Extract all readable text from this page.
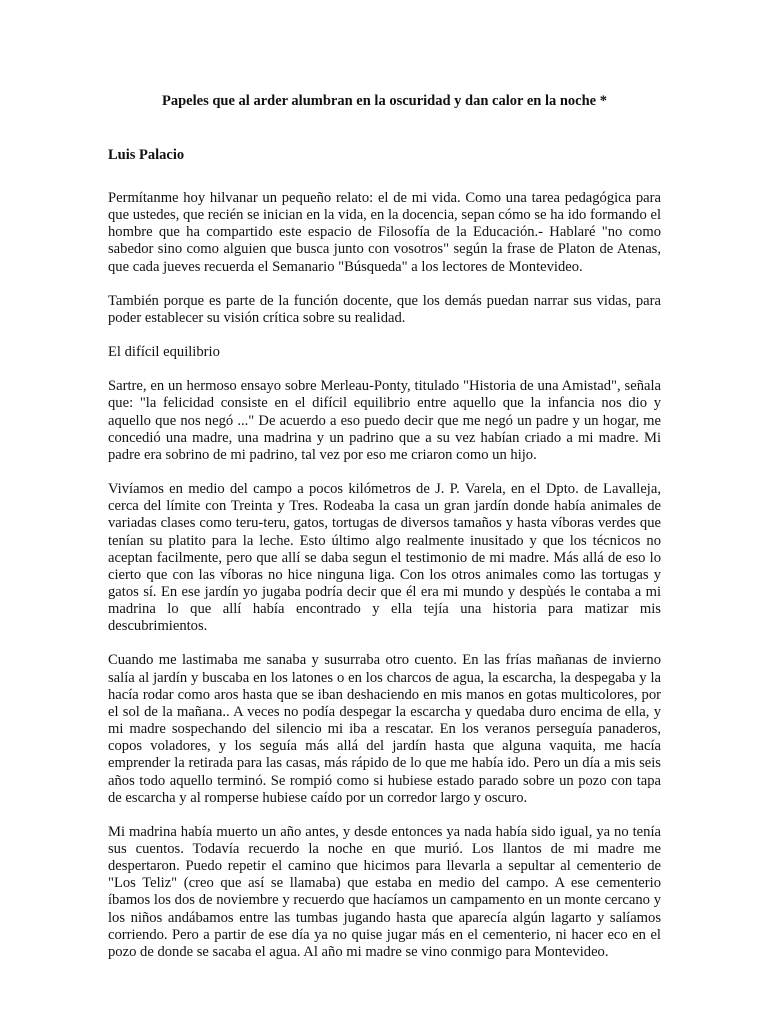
Papeles que al arder alumbran en la oscuridad y dan calor en la noche *

Luis Palacio

Permítanme hoy hilvanar un pequeño relato: el de mi vida. Como una tarea pedagógica para que ustedes, que recién se inician en la vida, en la docencia, sepan cómo se ha ido formando el hombre que ha compartido este espacio de Filosofía de la Educación.- Hablaré "no como sabedor sino como alguien que busca junto con vosotros" según la frase de Platon de Atenas, que cada jueves recuerda el Semanario "Búsqueda" a los lectores de Montevideo.

También porque es parte de la función docente, que los demás puedan narrar sus vidas, para poder establecer su visión crítica sobre su realidad.

El difícil equilibrio

Sartre, en un hermoso ensayo sobre Merleau-Ponty, titulado "Historia de una Amistad", señala que: "la felicidad consiste en el difícil equilibrio entre aquello que la infancia nos dio y aquello que nos negó ..." De acuerdo a eso puedo decir que me negó un padre y un hogar, me concedió una madre, una madrina y un padrino que a su vez habían criado a mi madre. Mi padre era sobrino de mi padrino, tal vez por eso me criaron como un hijo.

Vivíamos en medio del campo a pocos kilómetros de J. P. Varela, en el Dpto. de Lavalleja, cerca del límite con Treinta y Tres. Rodeaba la casa un gran jardín donde había animales de variadas clases como teru-teru, gatos, tortugas de diversos tamaños y hasta víboras verdes que tenían su platito para la leche. Esto último algo realmente inusitado y que los técnicos no aceptan facilmente, pero que allí se daba segun el testimonio de mi madre. Más allá de eso lo cierto que con las víboras no hice ninguna liga. Con los otros animales como las tortugas y gatos sí. En ese jardín yo jugaba podría decir que él era mi mundo y despùés le contaba a mi madrina lo que allí había encontrado y ella tejía una historia para matizar mis descubrimientos.

Cuando me lastimaba me sanaba y susurraba otro cuento. En las frías mañanas de invierno salía al jardín y buscaba en los latones o en los charcos de agua, la escarcha, la despegaba y la hacía rodar como aros hasta que se iban deshaciendo en mis manos en gotas multicolores, por el sol de la mañana.. A veces no podía despegar la escarcha y quedaba duro encima de ella, y mi madre sospechando del silencio mi iba a rescatar. En los veranos perseguía panaderos, copos voladores, y los seguía más allá del jardín hasta que alguna vaquita, me hacía emprender la retirada para las casas, más rápido de lo que me había ido. Pero un día a mis seis años todo aquello terminó. Se rompió como si hubiese estado parado sobre un pozo con tapa de escarcha y al romperse hubiese caído por un corredor largo y oscuro.

Mi madrina había muerto un año antes, y desde entonces ya nada había sido igual, ya no tenía sus cuentos. Todavía recuerdo la noche en que murió. Los llantos de mi madre me despertaron. Puedo repetir el camino que hicimos para llevarla a sepultar al cementerio de "Los Teliz" (creo que así se llamaba) que estaba en medio del campo. A ese cementerio íbamos los dos de noviembre y recuerdo que hacíamos un campamento en un monte cercano y los niños andábamos entre las tumbas jugando hasta que aparecía algún lagarto y salíamos corriendo. Pero a partir de ese día ya no quise jugar más en el cementerio, ni hacer eco en el pozo de donde se sacaba el agua. Al año mi madre se vino conmigo para Montevideo.
